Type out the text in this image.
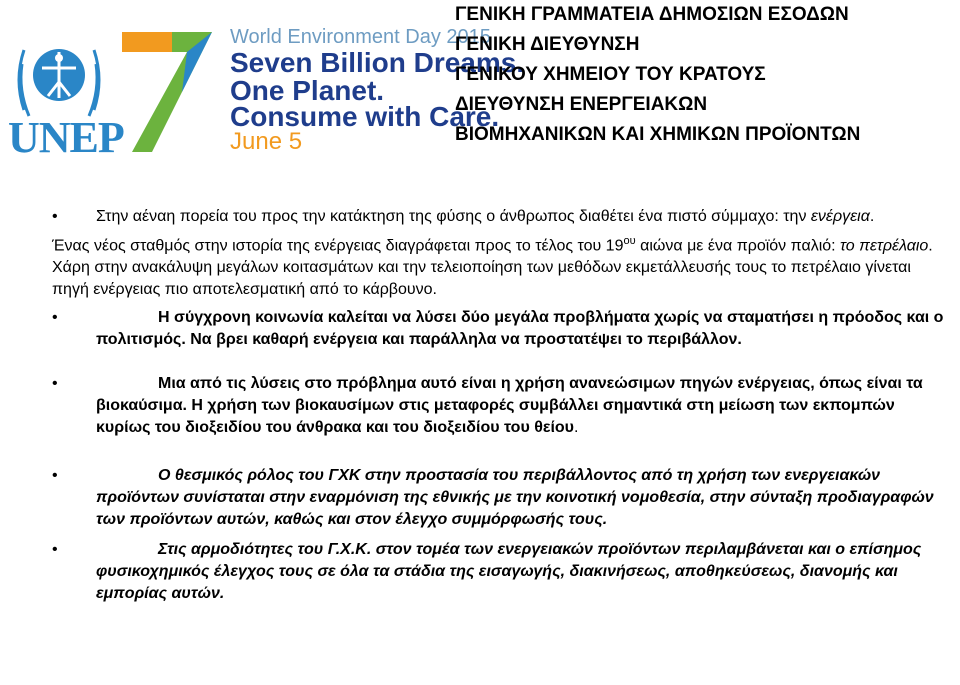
UNEP
World Environment Day 2015
Seven Billion Dreams.
One Planet.
Consume with Care.
June 5
ΓΕΝΙΚΗ ΓΡΑΜΜΑΤΕΙΑ ΔΗΜΟΣΙΩΝ ΕΣΟΔΩΝ
ΓΕΝΙΚΗ ΔΙΕΥΘΥΝΣΗ
ΓΕΝΙΚΟΥ ΧΗΜΕΙΟΥ ΤΟΥ ΚΡΑΤΟΥΣ
ΔΙΕΥΘΥΝΣΗ ΕΝΕΡΓΕΙΑΚΩΝ
ΒΙΟΜΗΧΑΝΙΚΩΝ ΚΑΙ ΧΗΜΙΚΩΝ ΠΡΟΪΟΝΤΩΝ
•	Στην αέναη πορεία του προς την κατάκτηση της φύσης ο άνθρωπος διαθέτει ένα πιστό σύμμαχο: την ενέργεια.
Ένας νέος σταθμός στην ιστορία της ενέργειας διαγράφεται προς το τέλος του $19^{o\upsilon}$ αιώνα με ένα προϊόν παλιό: το πετρέλαιο. Χάρη στην ανακάλυψη μεγάλων κοιτασμάτων και την τελειοποίηση των μεθόδων εκμετάλλευσής τους το πετρέλαιο γίνεται πηγή ενέργειας πιο αποτελεσματική από το κάρβουνο.
•	Η σύγχρονη κοινωνία καλείται να λύσει δύο μεγάλα προβλήματα χωρίς να σταματήσει η πρόοδος και ο πολιτισμός. Να βρει καθαρή ενέργεια και παράλληλα να προστατέψει το περιβάλλον.
•	Μια από τις λύσεις στο πρόβλημα αυτό είναι η χρήση ανανεώσιμων πηγών ενέργειας, όπως είναι τα βιοκαύσιμα. Η χρήση των βιοκαυσίμων στις μεταφορές συμβάλλει σημαντικά στη μείωση των εκπομπών κυρίως του διοξειδίου του άνθρακα και του διοξειδίου του θείου.
•	Ο θεσμικός ρόλος του ΓΧΚ στην προστασία του περιβάλλοντος από τη χρήση των ενεργειακών προϊόντων συνίσταται στην εναρμόνιση της εθνικής με την κοινοτική νομοθεσία, στην σύνταξη προδιαγραφών των προϊόντων αυτών, καθώς και στον έλεγχο συμμόρφωσής τους.
•	Στις αρμοδιότητες του Γ.Χ.Κ. στον τομέα των ενεργειακών προϊόντων περιλαμβάνεται και ο επίσημος φυσικοχημικός έλεγχος τους σε όλα τα στάδια της εισαγωγής, διακινήσεως, αποθηκεύσεως, διανομής και εμπορίας αυτών.
